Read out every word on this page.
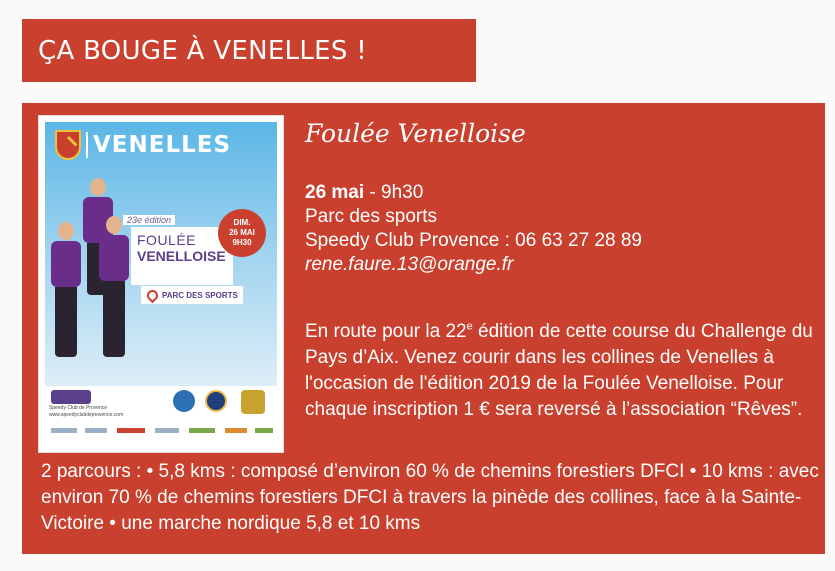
ÇA BOUGE À VENELLES !
VENELLES
23e édition
FOULÉE
VENELLOISE
DIM.
26 MAI
9H30
PARC DES SPORTS
Speedy Club de Provence
www.speedyclubdeprovence.com
Foulée Venelloise
26 mai - 9h30
Parc des sports
Speedy Club Provence : 06 63 27 28 89
rene.faure.13@orange.fr
En route pour la 22e édition de cette course du Challenge du Pays d’Aix. Venez courir dans les collines de Venelles à l'occasion de l'édition 2019 de la Foulée Venelloise. Pour chaque inscription 1 € sera reversé à l’association “Rêves”.
2 parcours : • 5,8 kms : composé d’environ 60 % de chemins forestiers DFCI • 10 kms : avec environ 70 % de chemins forestiers DFCI à travers la pinède des collines, face à la Sainte-Victoire • une marche nordique 5,8 et 10 kms
